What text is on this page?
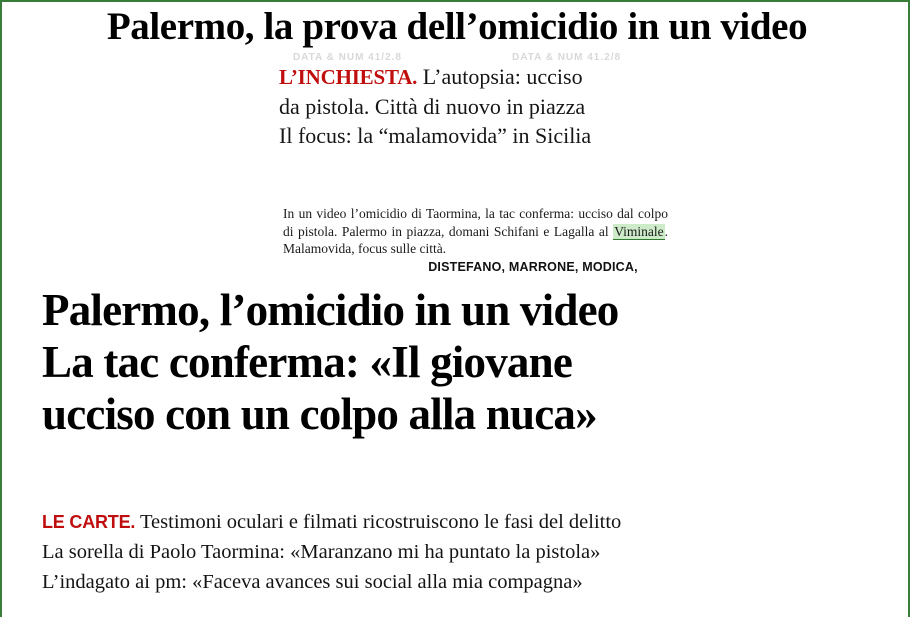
Palermo, la prova dell’omicidio in un video
DATA & NUM 41/2.8	DATA & NUM 41.2/8
L’INCHIESTA. L’autopsia: ucciso
da pistola. Città di nuovo in piazza
Il focus: la “malamovida” in Sicilia
In un video l’omicidio di Taormina, la tac conferma: ucciso dal colpo di pistola. Palermo in piazza, domani Schifani e Lagalla al Viminale. Malamovida, focus sulle città.
DISTEFANO, MARRONE, MODICA,
Palermo, l’omicidio in un video
La tac conferma: «Il giovane
ucciso con un colpo alla nuca»
LE CARTE. Testimoni oculari e filmati ricostruiscono le fasi del delitto
La sorella di Paolo Taormina: «Maranzano mi ha puntato la pistola»
L’indagato ai pm: «Faceva avances sui social alla mia compagna»
